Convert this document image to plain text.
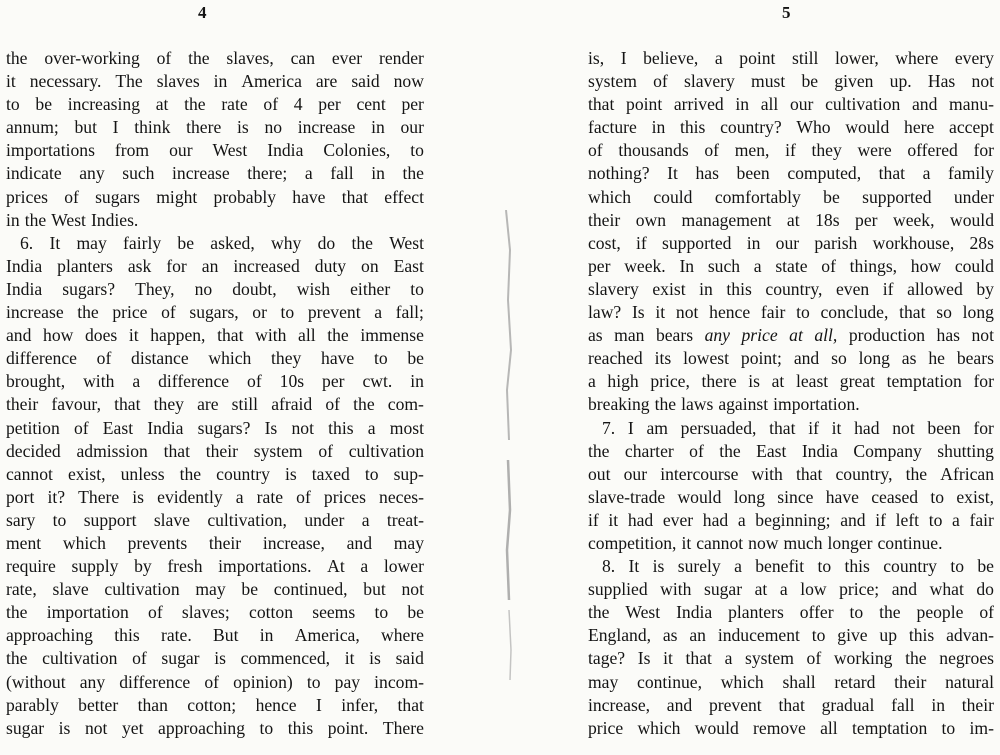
4	5
the over-working of the slaves, can ever render
it necessary. The slaves in America are said now
to be increasing at the rate of 4 per cent per
annum; but I think there is no increase in our
importations from our West India Colonies, to
indicate any such increase there; a fall in the
prices of sugars might probably have that effect
in the West Indies.
6. It may fairly be asked, why do the West
India planters ask for an increased duty on East
India sugars? They, no doubt, wish either to
increase the price of sugars, or to prevent a fall;
and how does it happen, that with all the immense
difference of distance which they have to be
brought, with a difference of 10s per cwt. in
their favour, that they are still afraid of the com-
petition of East India sugars? Is not this a most
decided admission that their system of cultivation
cannot exist, unless the country is taxed to sup-
port it? There is evidently a rate of prices neces-
sary to support slave cultivation, under a treat-
ment which prevents their increase, and may
require supply by fresh importations. At a lower
rate, slave cultivation may be continued, but not
the importation of slaves; cotton seems to be
approaching this rate. But in America, where
the cultivation of sugar is commenced, it is said
(without any difference of opinion) to pay incom-
parably better than cotton; hence I infer, that
sugar is not yet approaching to this point. There
is, I believe, a point still lower, where every
system of slavery must be given up. Has not
that point arrived in all our cultivation and manu-
facture in this country? Who would here accept
of thousands of men, if they were offered for
nothing? It has been computed, that a family
which could comfortably be supported under
their own management at 18s per week, would
cost, if supported in our parish workhouse, 28s
per week. In such a state of things, how could
slavery exist in this country, even if allowed by
law? Is it not hence fair to conclude, that so long
as man bears any price at all, production has not
reached its lowest point; and so long as he bears
a high price, there is at least great temptation for
breaking the laws against importation.
7. I am persuaded, that if it had not been for
the charter of the East India Company shutting
out our intercourse with that country, the African
slave-trade would long since have ceased to exist,
if it had ever had a beginning; and if left to a fair
competition, it cannot now much longer continue.
8. It is surely a benefit to this country to be
supplied with sugar at a low price; and what do
the West India planters offer to the people of
England, as an inducement to give up this advan-
tage? Is it that a system of working the negroes
may continue, which shall retard their natural
increase, and prevent that gradual fall in their
price which would remove all temptation to im-
